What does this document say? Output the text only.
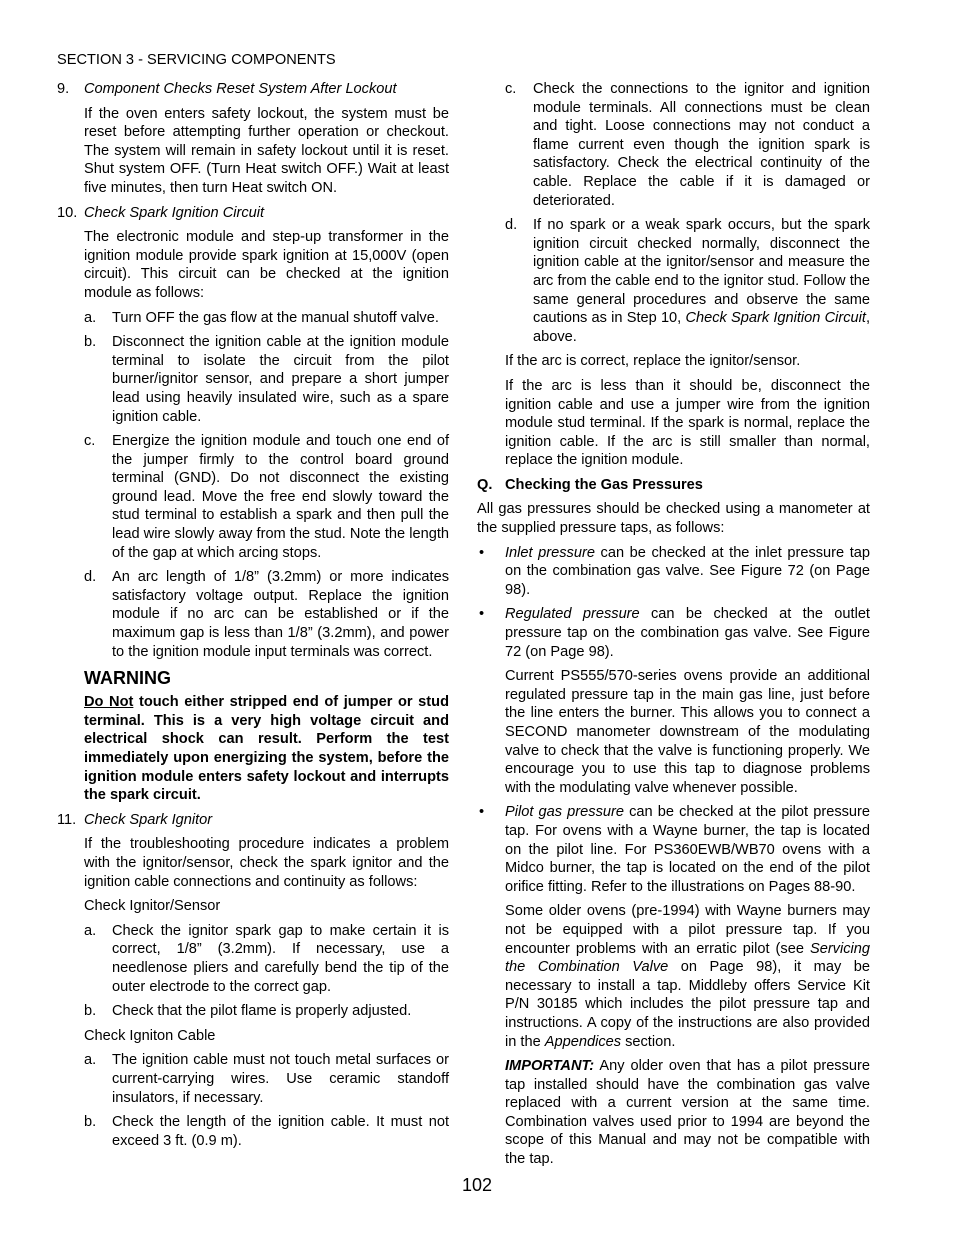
SECTION 3 - SERVICING COMPONENTS
9.	Component Checks Reset System After Lockout

If the oven enters safety lockout, the system must be reset before attempting further operation or checkout. The system will remain in safety lockout until it is reset. Shut system OFF. (Turn Heat switch OFF.) Wait at least five minutes, then turn Heat switch ON.

10. Check Spark Ignition Circuit

The electronic module and step-up transformer in the ignition module provide spark ignition at 15,000V (open circuit). This circuit can be checked at the ignition module as follows:

a. Turn OFF the gas flow at the manual shutoff valve.

b. Disconnect the ignition cable at the ignition module terminal to isolate the circuit from the pilot burner/ignitor sensor, and prepare a short jumper lead using heavily insulated wire, such as a spare ignition cable.

c. Energize the ignition module and touch one end of the jumper firmly to the control board ground terminal (GND). Do not disconnect the existing ground lead. Move the free end slowly toward the stud terminal to establish a spark and then pull the lead wire slowly away from the stud. Note the length of the gap at which arcing stops.

d. An arc length of 1/8” (3.2mm) or more indicates satisfactory voltage output. Replace the ignition module if no arc can be established or if the maximum gap is less than 1/8” (3.2mm), and power to the ignition module input terminals was correct.

WARNING

Do Not touch either stripped end of jumper or stud terminal. This is a very high voltage circuit and electrical shock can result. Perform the test immediately upon energizing the system, before the ignition module enters safety lockout and interrupts the spark circuit.

11. Check Spark Ignitor

If the troubleshooting procedure indicates a problem with the ignitor/sensor, check the spark ignitor and the ignition cable connections and continuity as follows:

Check Ignitor/Sensor

a. Check the ignitor spark gap to make certain it is correct, 1/8” (3.2mm). If necessary, use a needlenose pliers and carefully bend the tip of the outer electrode to the correct gap.

b. Check that the pilot flame is properly adjusted.

Check Igniton Cable

a. The ignition cable must not touch metal surfaces or current-carrying wires. Use ceramic standoff insulators, if necessary.

b. Check the length of the ignition cable. It must not exceed 3 ft. (0.9 m).

c. Check the connections to the ignitor and ignition module terminals. All connections must be clean and tight. Loose connections may not conduct a flame current even though the ignition spark is satisfactory. Check the electrical continuity of the cable. Replace the cable if it is damaged or deteriorated.

d. If no spark or a weak spark occurs, but the spark ignition circuit checked normally, disconnect the ignition cable at the ignitor/sensor and measure the arc from the cable end to the ignitor stud. Follow the same general procedures and observe the same cautions as in Step 10, Check Spark Ignition Circuit, above.

If the arc is correct, replace the ignitor/sensor.

If the arc is less than it should be, disconnect the ignition cable and use a jumper wire from the ignition module stud terminal. If the spark is normal, replace the ignition cable. If the arc is still smaller than normal, replace the ignition module.

Q. Checking the Gas Pressures

All gas pressures should be checked using a manometer at the supplied pressure taps, as follows:

• Inlet pressure can be checked at the inlet pressure tap on the combination gas valve. See Figure 72 (on Page 98).

• Regulated pressure can be checked at the outlet pressure tap on the combination gas valve. See Figure 72 (on Page 98).

Current PS555/570-series ovens provide an additional regulated pressure tap in the main gas line, just before the line enters the burner. This allows you to connect a SECOND manometer downstream of the modulating valve to check that the valve is functioning properly. We encourage you to use this tap to diagnose problems with the modulating valve whenever possible.

• Pilot gas pressure can be checked at the pilot pressure tap. For ovens with a Wayne burner, the tap is located on the pilot line. For PS360EWB/WB70 ovens with a Midco burner, the tap is located on the end of the pilot orifice fitting. Refer to the illustrations on Pages 88-90.

Some older ovens (pre-1994) with Wayne burners may not be equipped with a pilot pressure tap. If you encounter problems with an erratic pilot (see Servicing the Combination Valve on Page 98), it may be necessary to install a tap. Middleby offers Service Kit P/N 30185 which includes the pilot pressure tap and instructions. A copy of the instructions are also provided in the Appendices section.

IMPORTANT: Any older oven that has a pilot pressure tap installed should have the combination gas valve replaced with a current version at the same time. Combination valves used prior to 1994 are beyond the scope of this Manual and may not be compatible with the tap.

102
